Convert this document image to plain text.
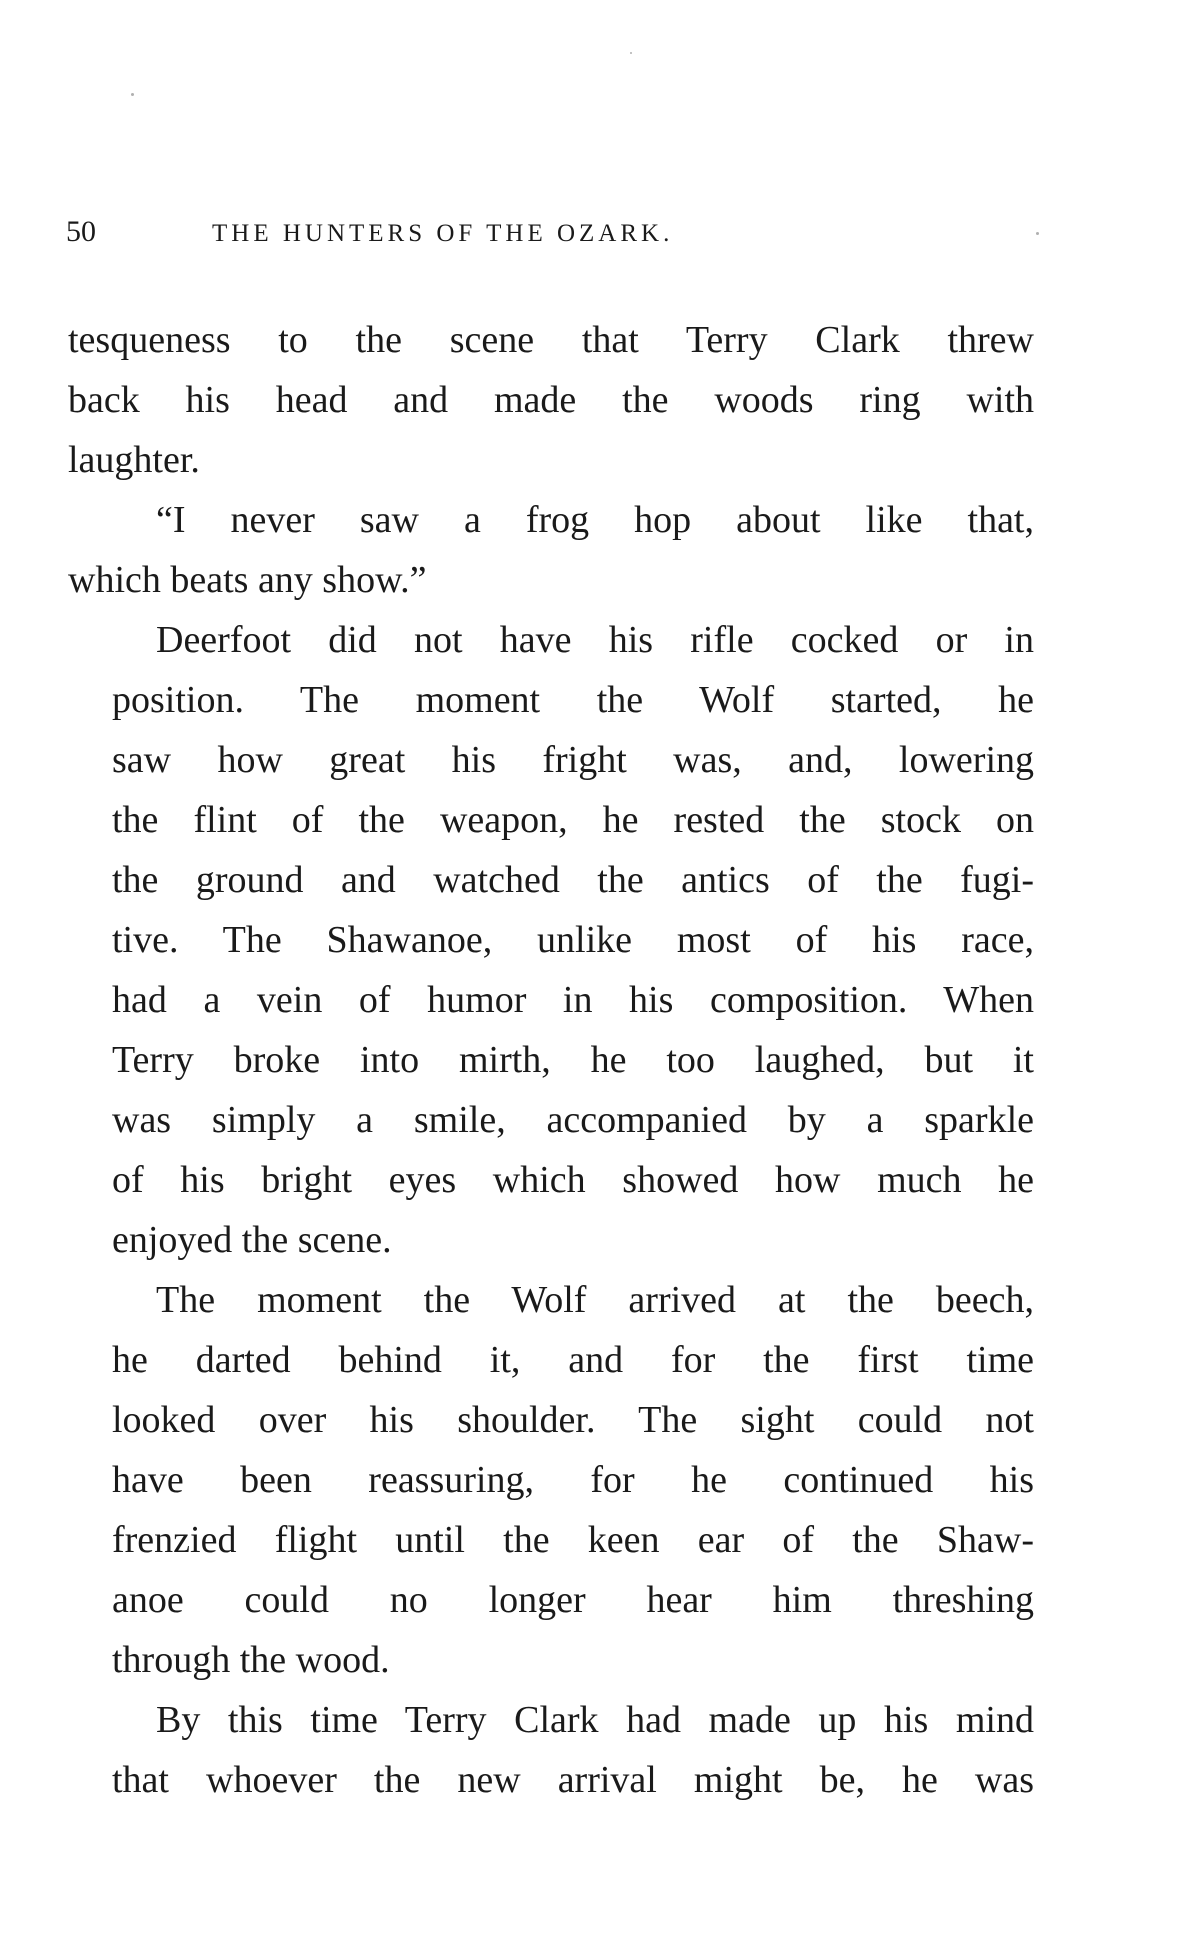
50	THE HUNTERS OF THE OZARK.

tesqueness to the scene that Terry Clark threw
back his head and made the woods ring with
laughter.

“I never saw a frog hop about like that,
which beats any show.”

Deerfoot did not have his rifle cocked or in
position. The moment the Wolf started, he
saw how great his fright was, and, lowering
the flint of the weapon, he rested the stock on
the ground and watched the antics of the fugi-
tive. The Shawanoe, unlike most of his race,
had a vein of humor in his composition. When
Terry broke into mirth, he too laughed, but it
was simply a smile, accompanied by a sparkle
of his bright eyes which showed how much he
enjoyed the scene.

The moment the Wolf arrived at the beech,
he darted behind it, and for the first time
looked over his shoulder. The sight could not
have been reassuring, for he continued his
frenzied flight until the keen ear of the Shaw-
anoe could no longer hear him threshing
through the wood.

By this time Terry Clark had made up his mind
that whoever the new arrival might be, he was
